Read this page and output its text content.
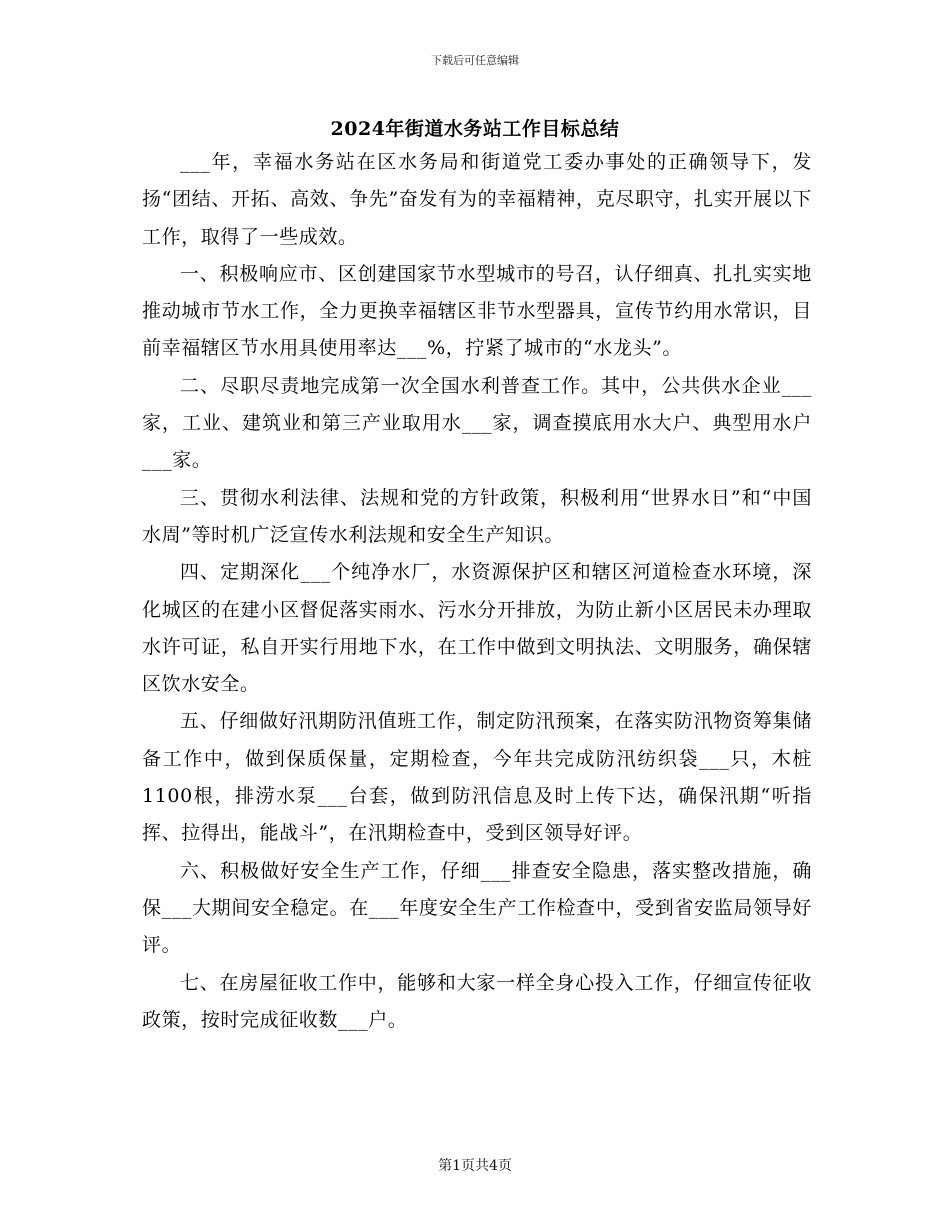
下载后可任意编辑
2024年街道水务站工作目标总结

___年，幸福水务站在区水务局和街道党工委办事处的正确领导下，发扬“团结、开拓、高效、争先”奋发有为的幸福精神，克尽职守，扎实开展以下工作，取得了一些成效。

一、积极响应市、区创建国家节水型城市的号召，认仔细真、扎扎实实地推动城市节水工作，全力更换幸福辖区非节水型器具，宣传节约用水常识，目前幸福辖区节水用具使用率达___%，拧紧了城市的“水龙头”。

二、尽职尽责地完成第一次全国水利普查工作。其中，公共供水企业___家，工业、建筑业和第三产业取用水___家，调查摸底用水大户、典型用水户___家。

三、贯彻水利法律、法规和党的方针政策，积极利用“世界水日”和“中国水周”等时机广泛宣传水利法规和安全生产知识。

四、定期深化___个纯净水厂，水资源保护区和辖区河道检查水环境，深化城区的在建小区督促落实雨水、污水分开排放，为防止新小区居民未办理取水许可证，私自开实行用地下水，在工作中做到文明执法、文明服务，确保辖区饮水安全。

五、仔细做好汛期防汛值班工作，制定防汛预案，在落实防汛物资筹集储备工作中，做到保质保量，定期检查，今年共完成防汛纺织袋___只，木桩1100根，排涝水泵___台套，做到防汛信息及时上传下达，确保汛期“听指挥、拉得出，能战斗”，在汛期检查中，受到区领导好评。

六、积极做好安全生产工作，仔细___排查安全隐患，落实整改措施，确保___大期间安全稳定。在___年度安全生产工作检查中，受到省安监局领导好评。

七、在房屋征收工作中，能够和大家一样全身心投入工作，仔细宣传征收政策，按时完成征收数___户。

第1页共4页
